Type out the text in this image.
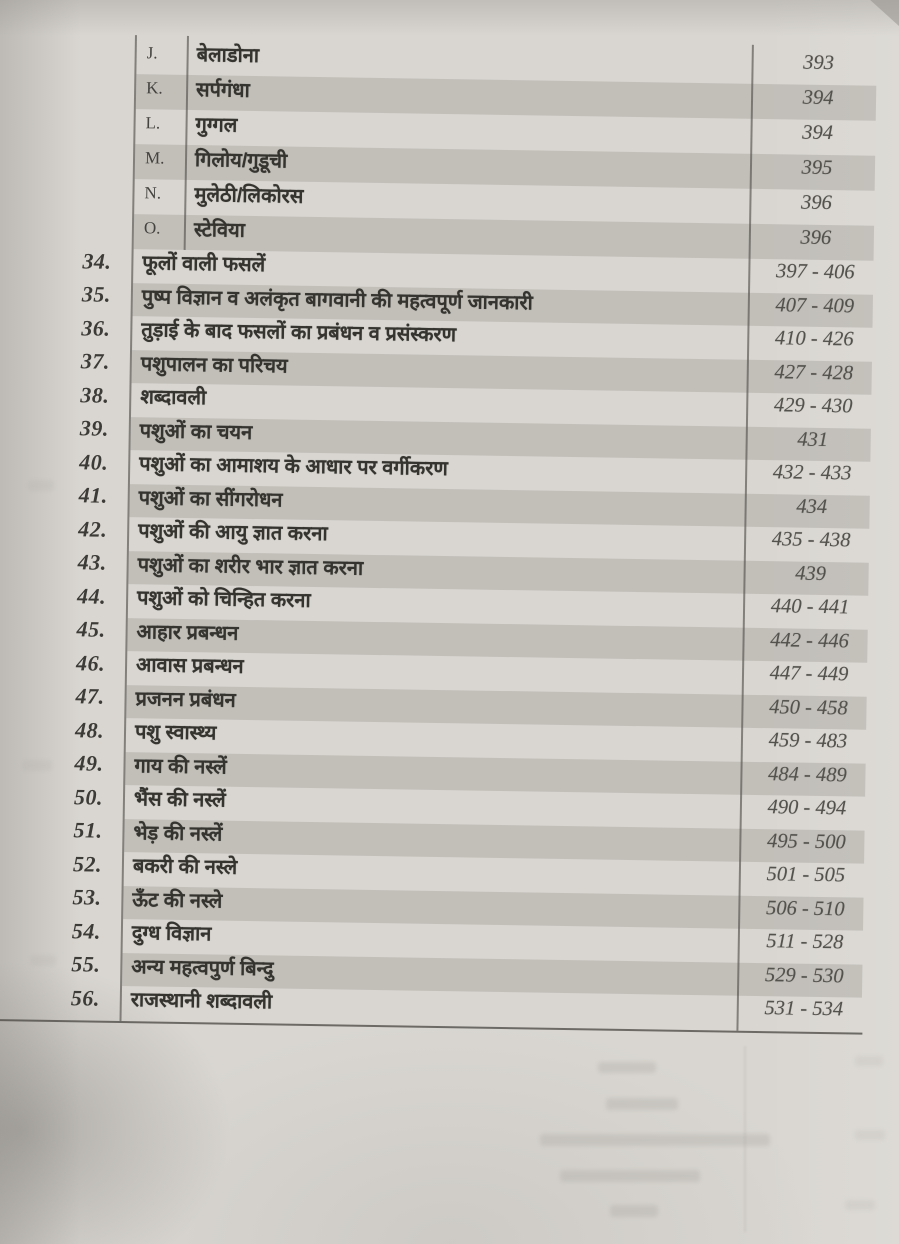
J.	बेलाडोना	393
K.	सर्पगंधा	394
L.	गुग्गल	394
M.	गिलोय/गुडूची	395
N.	मुलेठी/लिकोरस	396
O.	स्टेविया	396
34.	फूलों वाली फसलें	397 - 406
35.	पुष्प विज्ञान व अलंकृत बागवानी की महत्वपूर्ण जानकारी	407 - 409
36.	तुड़ाई के बाद फसलों का प्रबंधन व प्रसंस्करण	410 - 426
37.	पशुपालन का परिचय	427 - 428
38.	शब्दावली	429 - 430
39.	पशुओं का चयन	431
40.	पशुओं का आमाशय के आधार पर वर्गीकरण	432 - 433
41.	पशुओं का सींगरोधन	434
42.	पशुओं की आयु ज्ञात करना	435 - 438
43.	पशुओं का शरीर भार ज्ञात करना	439
44.	पशुओं को चिन्हित करना	440 - 441
45.	आहार प्रबन्धन	442 - 446
46.	आवास प्रबन्धन	447 - 449
47.	प्रजनन प्रबंधन	450 - 458
48.	पशु स्वास्थ्य	459 - 483
49.	गाय की नस्लें	484 - 489
50.	भैंस की नस्लें	490 - 494
51.	भेड़ की नस्लें	495 - 500
52.	बकरी की नस्ले	501 - 505
53.	ऊँट की नस्ले	506 - 510
54.	दुग्ध विज्ञान	511 - 528
55.	अन्य महत्वपुर्ण बिन्दु	529 - 530
56.	राजस्थानी शब्दावली	531 - 534
